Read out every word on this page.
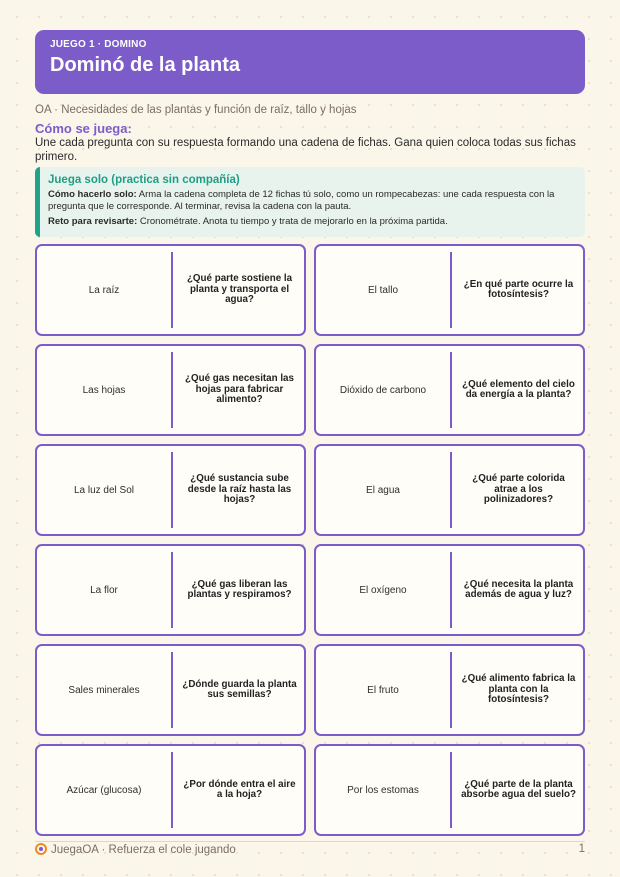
JUEGO 1 · DOMINO
Dominó de la planta
OA · Necesidades de las plantas y función de raíz, tallo y hojas
Cómo se juega:
Une cada pregunta con su respuesta formando una cadena de fichas. Gana quien coloca todas sus fichas primero.
Juega solo (practica sin compañía)
Cómo hacerlo solo: Arma la cadena completa de 12 fichas tú solo, como un rompecabezas: une cada respuesta con la pregunta que le corresponde. Al terminar, revisa la cadena con la pauta.
Reto para revisarte: Cronométrate. Anota tu tiempo y trata de mejorarlo en la próxima partida.
La raíz
¿Qué parte sostiene la planta y transporta el agua?
El tallo
¿En qué parte ocurre la fotosíntesis?
Las hojas
¿Qué gas necesitan las hojas para fabricar alimento?
Dióxido de carbono
¿Qué elemento del cielo da energía a la planta?
La luz del Sol
¿Qué sustancia sube desde la raíz hasta las hojas?
El agua
¿Qué parte colorida atrae a los polinizadores?
La flor
¿Qué gas liberan las plantas y respiramos?	El oxígeno
¿Qué necesita la planta además de agua y luz?
Sales minerales
¿Dónde guarda la planta sus semillas?	El fruto
¿Qué alimento fabrica la planta con la fotosíntesis?
Azúcar (glucosa)
¿Por dónde entra el aire a la hoja?	Por los estomas
¿Qué parte de la planta absorbe agua del suelo?
JuegaOA · Refuerza el cole jugando	1
